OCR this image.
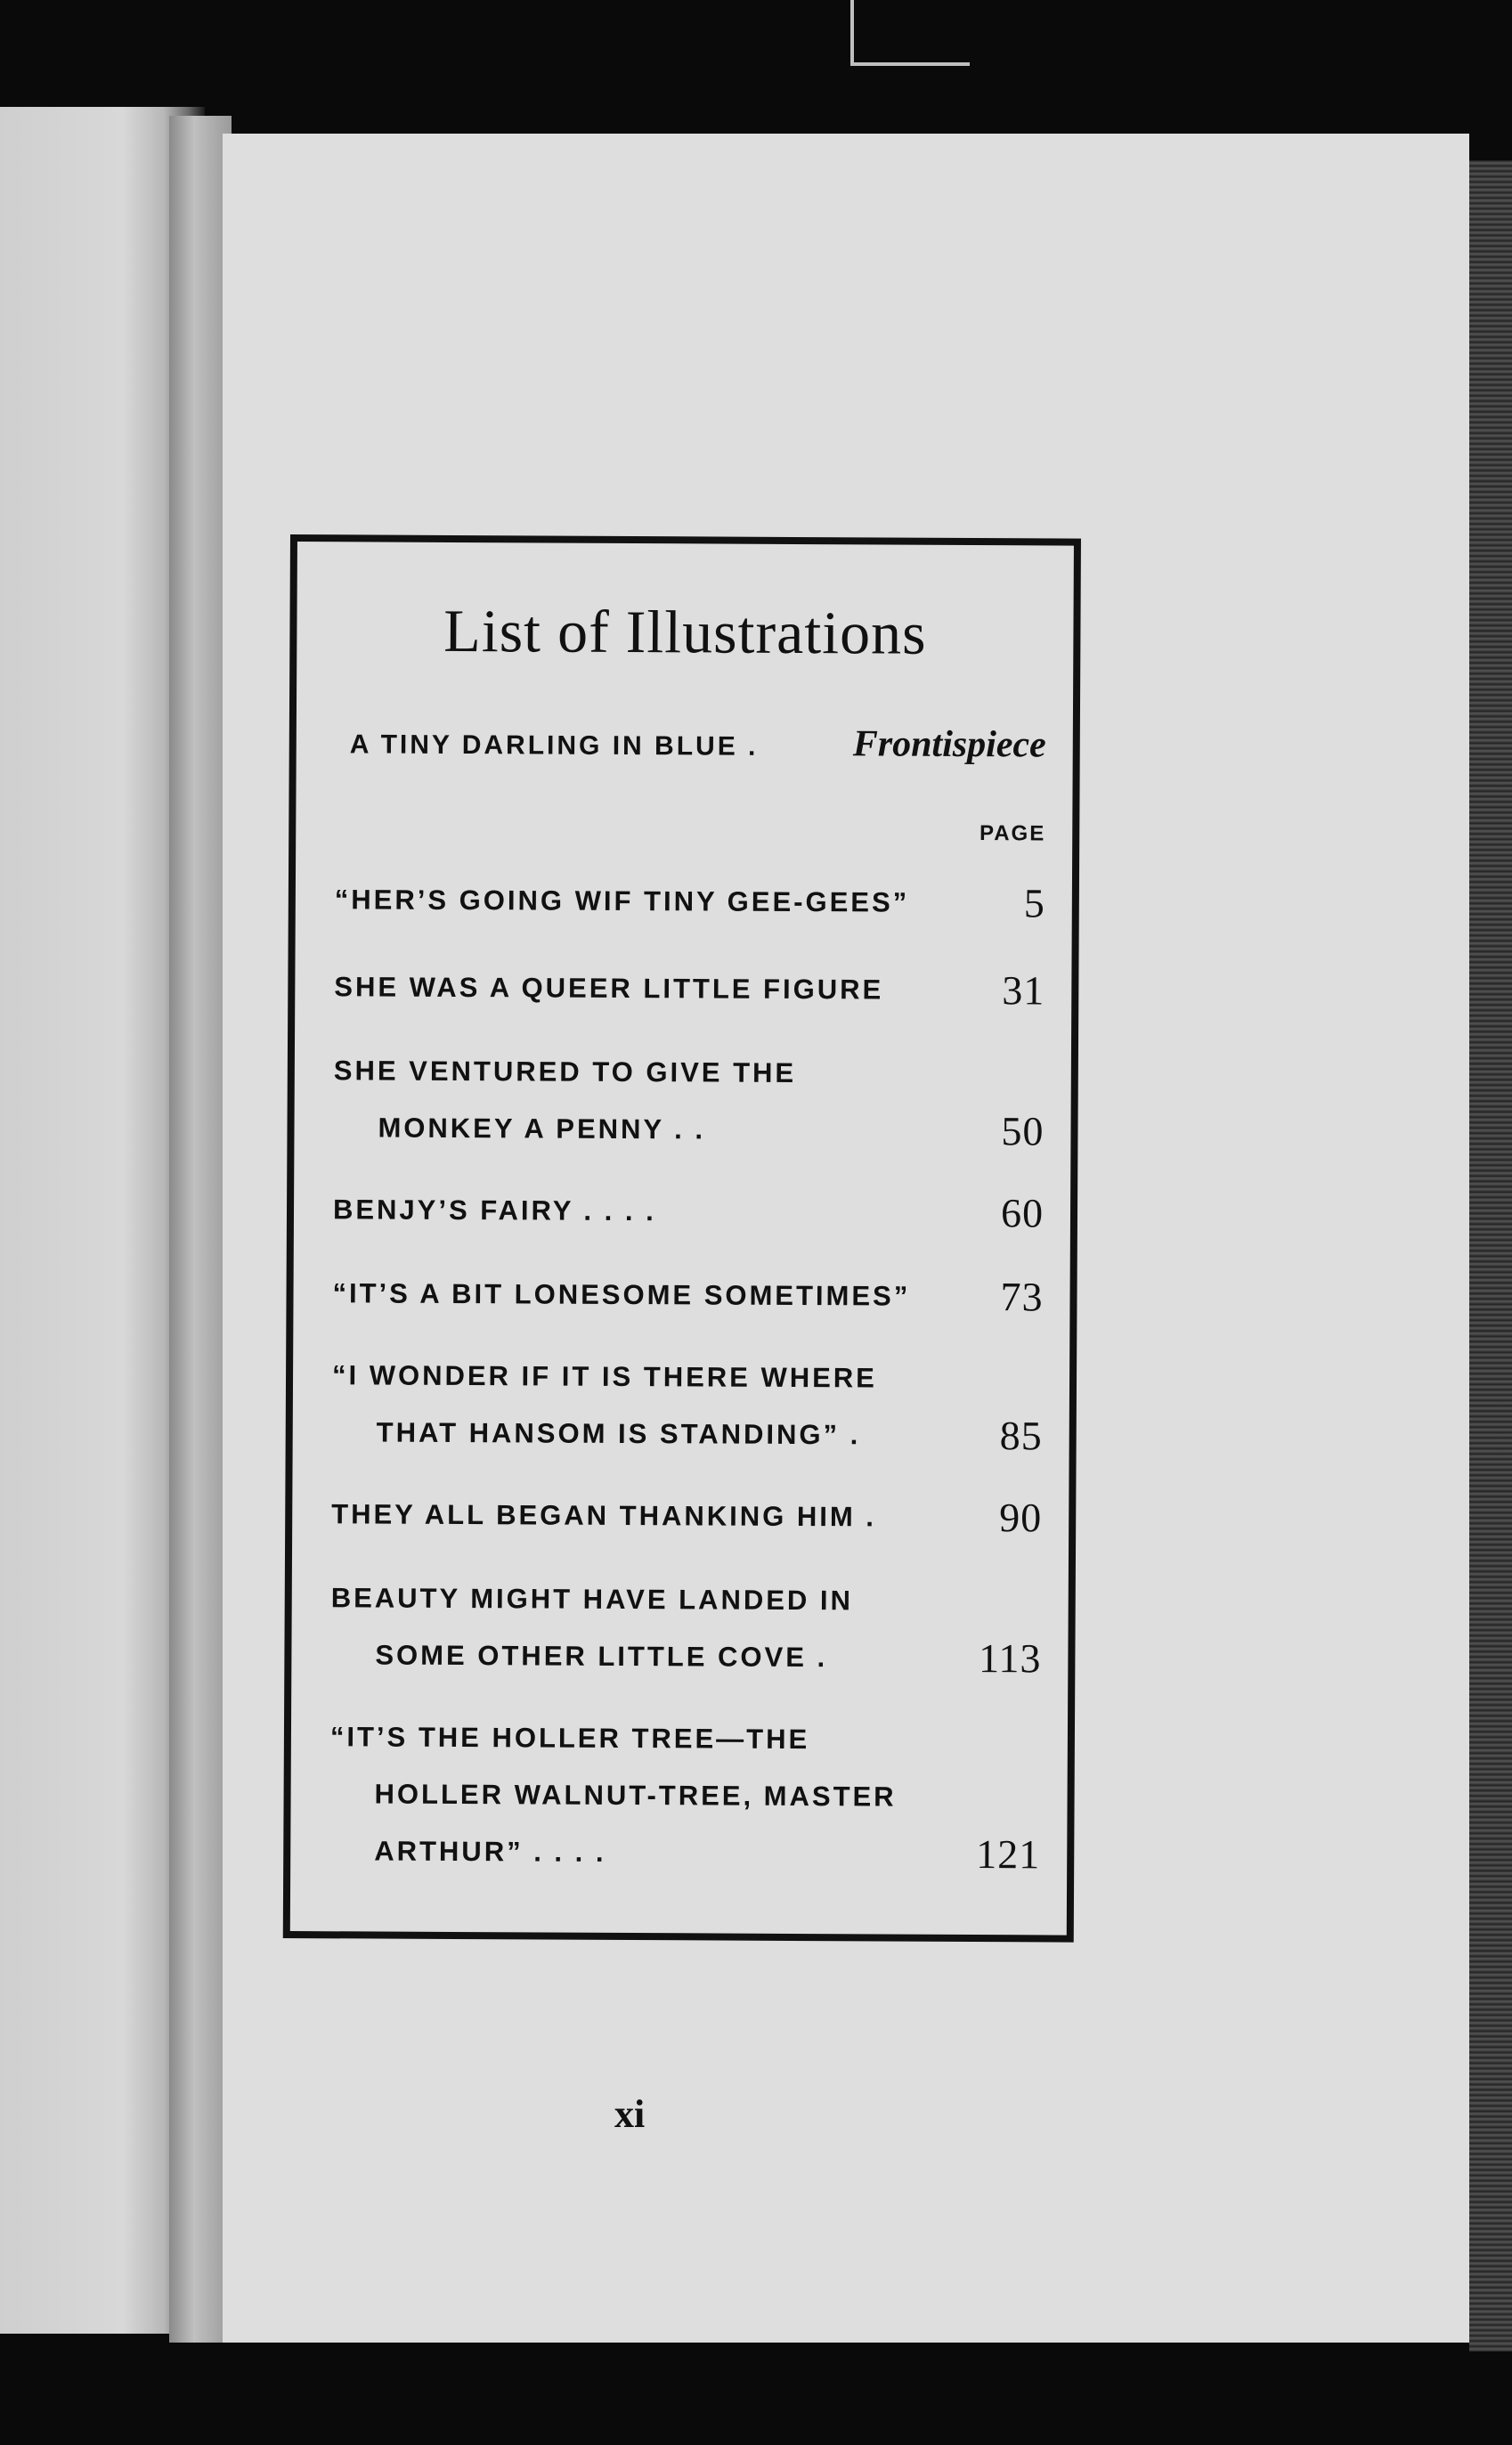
List of Illustrations
A TINY DARLING IN BLUE .	Frontispiece
PAGE
“HER’S GOING WIF TINY GEE-GEES”	5
SHE WAS A QUEER LITTLE FIGURE	31
SHE VENTURED TO GIVE THE
MONKEY A PENNY . .	50
BENJY’S FAIRY . . . .	60
“IT’S A BIT LONESOME SOMETIMES”	73
“I WONDER IF IT IS THERE WHERE
THAT HANSOM IS STANDING” .	85
THEY ALL BEGAN THANKING HIM .	90
BEAUTY MIGHT HAVE LANDED IN
SOME OTHER LITTLE COVE .	113
“IT’S THE HOLLER TREE—THE
HOLLER WALNUT-TREE, MASTER
ARTHUR” . . . .	121
xi
